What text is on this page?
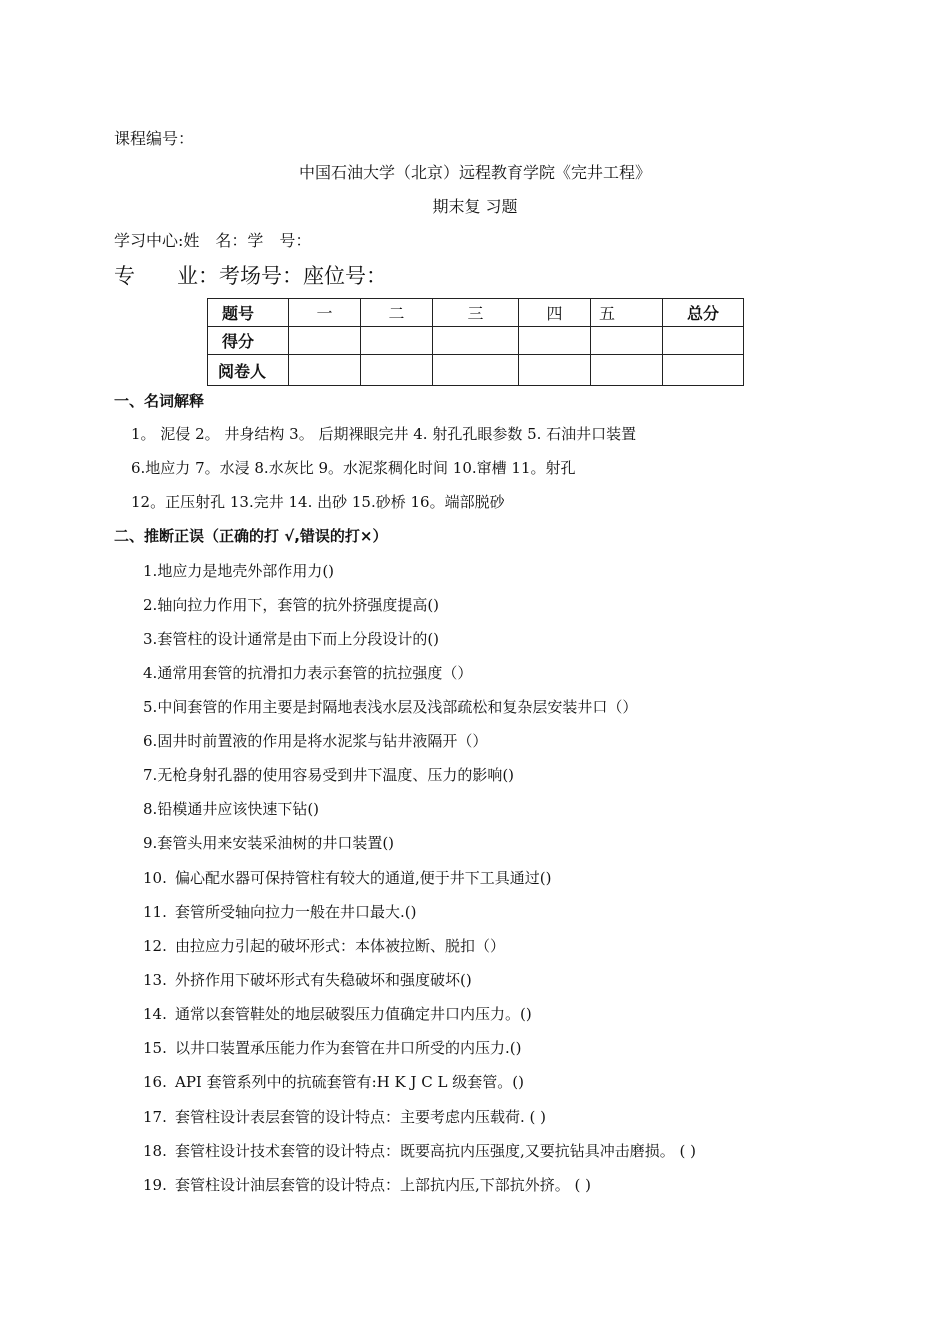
课程编号：
中国石油大学（北京）远程教育学院《完井工程》
期末复 习题
学习中心:姓　名：学　号：
专　　业：考场号：座位号：
题号	一	二	三	四	五	总分
得分						
阅卷人						
一、名词解释
1。 泥侵 2。 井身结构 3。 后期裸眼完井 4. 射孔孔眼参数 5. 石油井口装置
6.地应力 7。水浸 8.水灰比 9。水泥浆稠化时间 10.窜槽 11。射孔
12。正压射孔 13.完井 14. 出砂 15.砂桥 16。端部脱砂
二、推断正误（正确的打 √,错误的打×）
1.地应力是地壳外部作用力()
2.轴向拉力作用下，套管的抗外挤强度提高()
3.套管柱的设计通常是由下而上分段设计的()
4.通常用套管的抗滑扣力表示套管的抗拉强度（）
5.中间套管的作用主要是封隔地表浅水层及浅部疏松和复杂层安装井口（）
6.固井时前置液的作用是将水泥浆与钻井液隔开（）
7.无枪身射孔器的使用容易受到井下温度、压力的影响()
8.铅模通井应该快速下钻()
9.套管头用来安装采油树的井口装置()
10. 偏心配水器可保持管柱有较大的通道,便于井下工具通过()
11. 套管所受轴向拉力一般在井口最大.()
12. 由拉应力引起的破坏形式：本体被拉断、脱扣（）
13. 外挤作用下破坏形式有失稳破坏和强度破坏()
14. 通常以套管鞋处的地层破裂压力值确定井口内压力。()
15. 以井口装置承压能力作为套管在井口所受的内压力.()
16. API 套管系列中的抗硫套管有:H K J C L 级套管。()
17. 套管柱设计表层套管的设计特点：主要考虑内压载荷. ( )
18. 套管柱设计技术套管的设计特点：既要高抗内压强度,又要抗钻具冲击磨损。 ( )
19. 套管柱设计油层套管的设计特点：上部抗内压,下部抗外挤。 ( )
